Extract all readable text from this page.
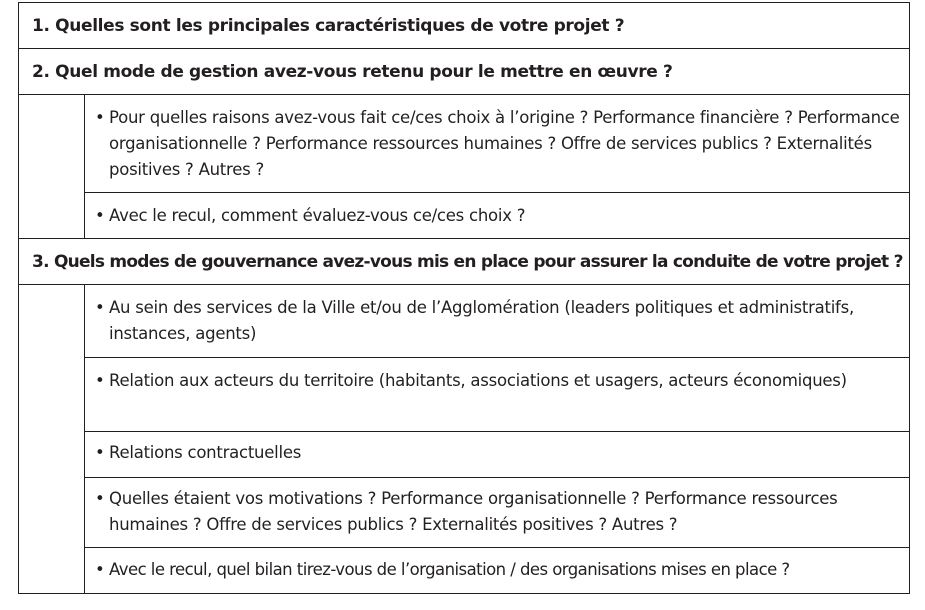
1. Quelles sont les principales caractéristiques de votre projet ?
2. Quel mode de gestion avez-vous retenu pour le mettre en œuvre ?
• Pour quelles raisons avez-vous fait ce/ces choix à l’origine ? Performance financière ? Performance organisationnelle ? Performance ressources humaines ? Offre de services publics ? Externalités positives ? Autres ?
• Avec le recul, comment évaluez-vous ce/ces choix ?
3. Quels modes de gouvernance avez-vous mis en place pour assurer la conduite de votre projet ?
• Au sein des services de la Ville et/ou de l’Agglomération (leaders politiques et administratifs, instances, agents)
• Relation aux acteurs du territoire (habitants, associations et usagers, acteurs économiques)
• Relations contractuelles
• Quelles étaient vos motivations ? Performance organisationnelle ? Performance ressources humaines ? Offre de services publics ? Externalités positives ? Autres ?
• Avec le recul, quel bilan tirez-vous de l’organisation / des organisations mises en place ?
